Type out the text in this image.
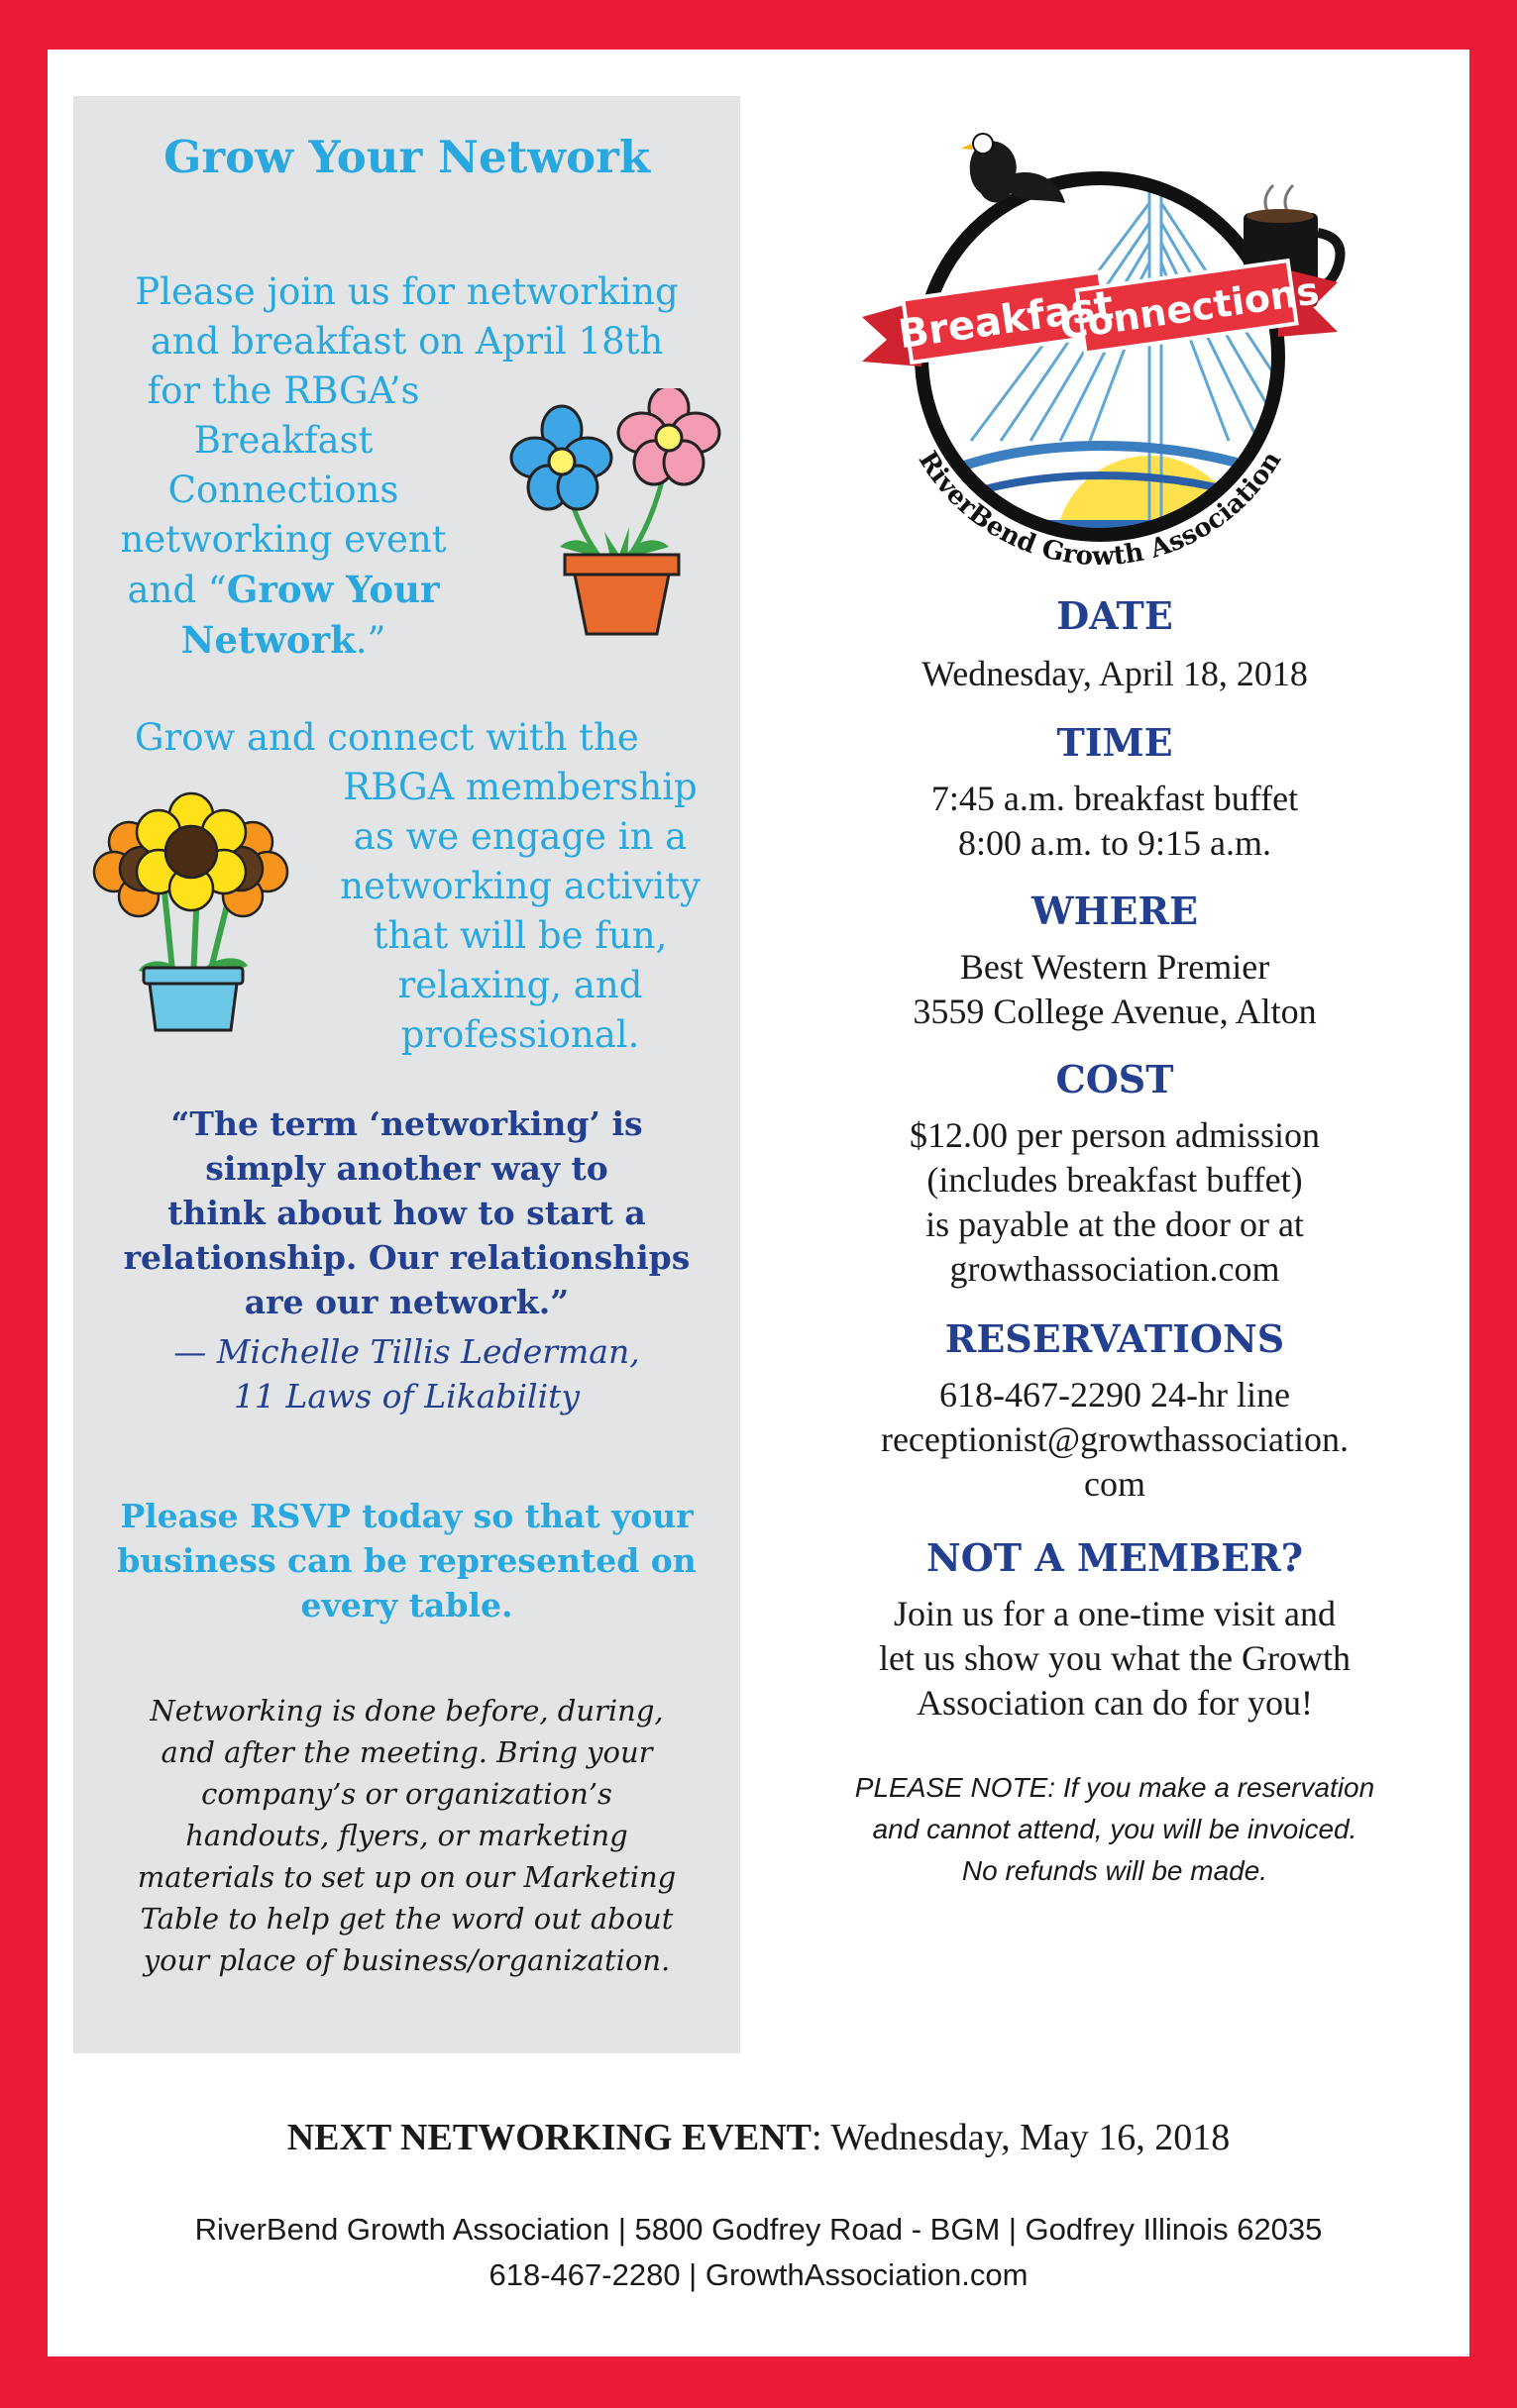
Grow Your Network
Please join us for networking
and breakfast on April 18th
for the RBGA’s
Breakfast
Connections
networking event
and “Grow Your
Network.”
Grow and connect with the
RBGA membership
as we engage in a
networking activity
that will be fun,
relaxing, and
professional.
“The term ‘networking’ is
simply another way to
think about how to start a
relationship. Our relationships
are our network.”
— Michelle Tillis Lederman,
11 Laws of Likability
Please RSVP today so that your
business can be represented on
every table.
Networking is done before, during,
and after the meeting. Bring your
company’s or organization’s
handouts, flyers, or marketing
materials to set up on our Marketing
Table to help get the word out about
your place of business/organization.
Breakfast
Connections
RiverBend Growth Association
DATE
Wednesday, April 18, 2018
TIME
7:45 a.m. breakfast buffet
8:00 a.m. to 9:15 a.m.
WHERE
Best Western Premier
3559 College Avenue, Alton
COST
$12.00 per person admission
(includes breakfast buffet)
is payable at the door or at
growthassociation.com
RESERVATIONS
618-467-2290 24-hr line
receptionist@growthassociation.
com
NOT A MEMBER?
Join us for a one-time visit and
let us show you what the Growth
Association can do for you!
PLEASE NOTE: If you make a reservation
and cannot attend, you will be invoiced.
No refunds will be made.
NEXT NETWORKING EVENT: Wednesday, May 16, 2018
RiverBend Growth Association | 5800 Godfrey Road - BGM | Godfrey Illinois 62035
618-467-2280 | GrowthAssociation.com
